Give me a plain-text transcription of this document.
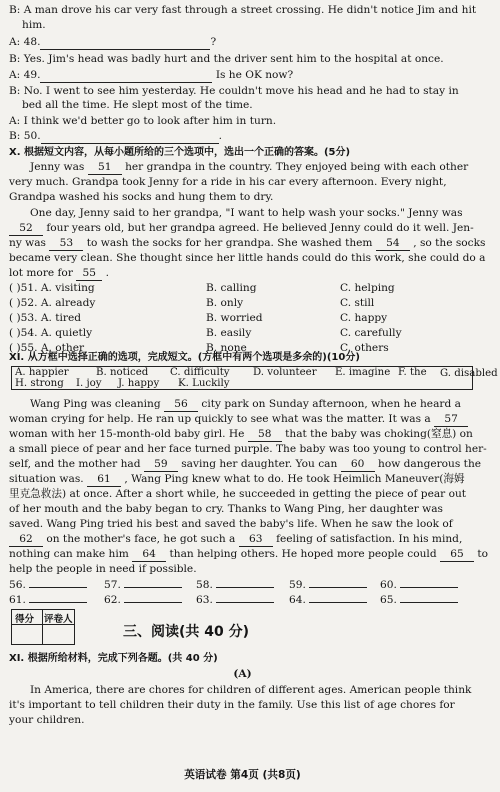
B: A man drove his car very fast through a street crossing. He didn't notice Jim and hit
him.
A: 48.	?
B: Yes. Jim's head was badly hurt and the driver sent him to the hospital at once.
A: 49.	Is he OK now?
B: No. I went to see him yesterday. He couldn't move his head and he had to stay in
bed all the time. He slept most of the time.
A: I think we'd better go to look after him in turn.
B: 50.	.
X. 根据短文内容，从每小题所给的三个选项中，选出一个正确的答案。(5分)
Jenny was 51 her grandpa in the country. They enjoyed being with each other
very much. Grandpa took Jenny for a ride in his car every afternoon. Every night,
Grandpa washed his socks and hung them to dry.
One day, Jenny said to her grandpa, "I want to help wash your socks." Jenny was
52 four years old, but her grandpa agreed. He believed Jenny could do it well. Jen-
ny was 53 to wash the socks for her grandpa. She washed them 54 , so the socks
became very clean. She thought since her little hands could do this work, she could do a
lot more for 55 .
( )51. A. visiting	B. calling	C. helping
( )52. A. already	B. only	C. still
( )53. A. tired	B. worried	C. happy
( )54. A. quietly	B. easily	C. carefully
( )55. A. other	B. none	C. others
XI. 从方框中选择正确的选项，完成短文。(方框中有两个选项是多余的)(10分)
A. happier	B. noticed C. difficulty D. volunteer E. imagine F. the
H. strong I. joy J. happy K. Luckily
G. disabled
Wang Ping was cleaning 56 city park on Sunday afternoon, when he heard a
woman crying for help. He ran up quickly to see what was the matter. It was a 57
woman with her 15-month-old baby girl. He 58 that the baby was choking(窒息) on
a small piece of pear and her face turned purple. The baby was too young to control her-
self, and the mother had 59 saving her daughter. You can 60 how dangerous the
situation was. 61 , Wang Ping knew what to do. He took Heimlich Maneuver(海姆
里克急救法) at once. After a short while, he succeeded in getting the piece of pear out
of her mouth and the baby began to cry. Thanks to Wang Ping, her daughter was
saved. Wang Ping tried his best and saved the baby's life. When he saw the look of
62 on the mother's face, he got such a 63 feeling of satisfaction. In his mind,
nothing can make him 64 than helping others. He hoped more people could 65 to
help the people in need if possible.
56.	57.	58.	59.	60.
61.	62.	63.	64.	65.
得分 评卷人
三、阅读(共 40 分)
XI. 根据所给材料，完成下列各题。(共 40 分)
(A)
In America, there are chores for children of different ages. American people think
it's important to tell children their duty in the family. Use this list of age chores for
your children.
英语试卷 第4页 (共8页)
